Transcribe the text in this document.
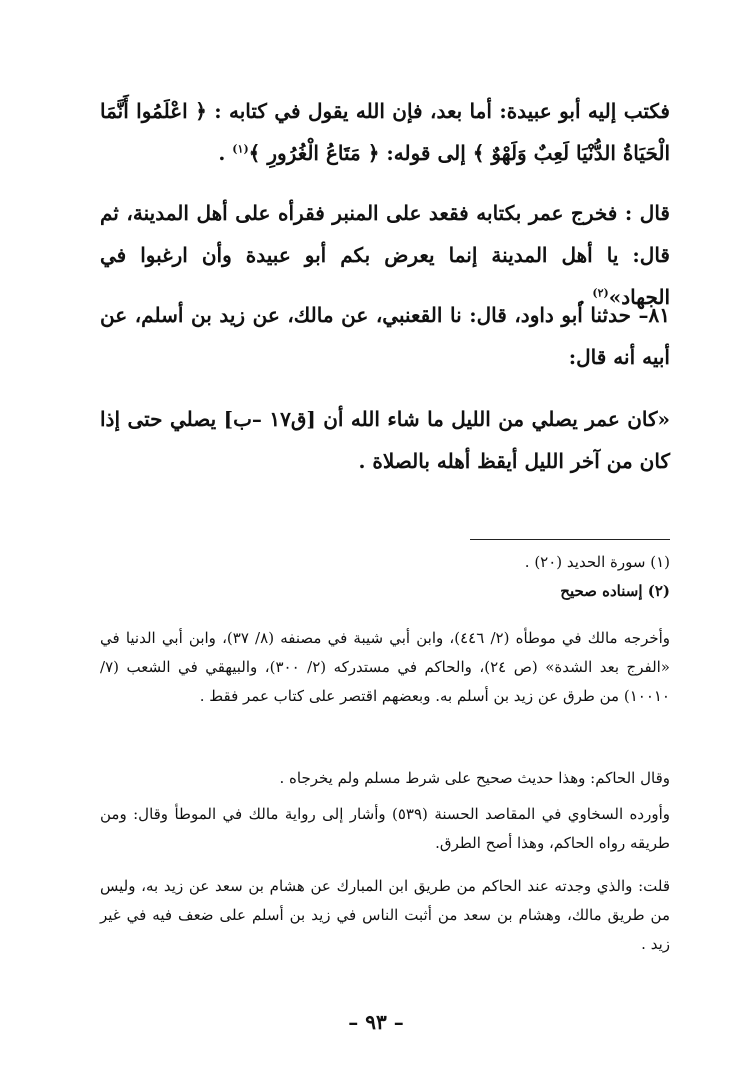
فكتب إليه أبو عبيدة: أما بعد، فإن الله يقول في كتابه : ﴿ اعْلَمُوا أَنَّمَا الْحَيَاةُ الدُّنْيَا لَعِبٌ وَلَهْوٌ ﴾ إلى قوله: ﴿ مَتَاعُ الْغُرُورِ ﴾$^{(١)}$ .

قال : فخرج عمر بكتابه فقعد على المنبر فقرأه على أهل المدينة، ثم قال: يا أهل المدينة إنما يعرض بكم أبو عبيدة وأن ارغبوا في الجهاد»$^{(٢)}$ .

٨١– حدثنا أبو داود، قال: نا القعنبي، عن مالك، عن زيد بن أسلم، عن أبيه أنه قال:

«كان عمر يصلي من الليل ما شاء الله أن [ق١٧ –ب] يصلي حتى إذا كان من آخر الليل أيقظ أهله بالصلاة .

(١) سورة الحديد (٢٠) .

(٢) إسناده صحيح

وأخرجه مالك في موطأه (٢/ ٤٤٦)، وابن أبي شيبة في مصنفه (٨/ ٣٧)، وابن أبي الدنيا في «الفرج بعد الشدة» (ص ٢٤)، والحاكم في مستدركه (٢/ ٣٠٠)، والبيهقي في الشعب (٧/ ١٠٠١٠) من طرق عن زيد بن أسلم به. وبعضهم اقتصر على كتاب عمر فقط .

وقال الحاكم: وهذا حديث صحيح على شرط مسلم ولم يخرجاه .

وأورده السخاوي في المقاصد الحسنة (٥٣٩) وأشار إلى رواية مالك في الموطأ وقال: ومن طريقه رواه الحاكم، وهذا أصح الطرق.

قلت: والذي وجدته عند الحاكم من طريق ابن المبارك عن هشام بن سعد عن زيد به، وليس من طريق مالك، وهشام بن سعد من أثبت الناس في زيد بن أسلم على ضعف فيه في غير زيد .

– ٩٣ –
